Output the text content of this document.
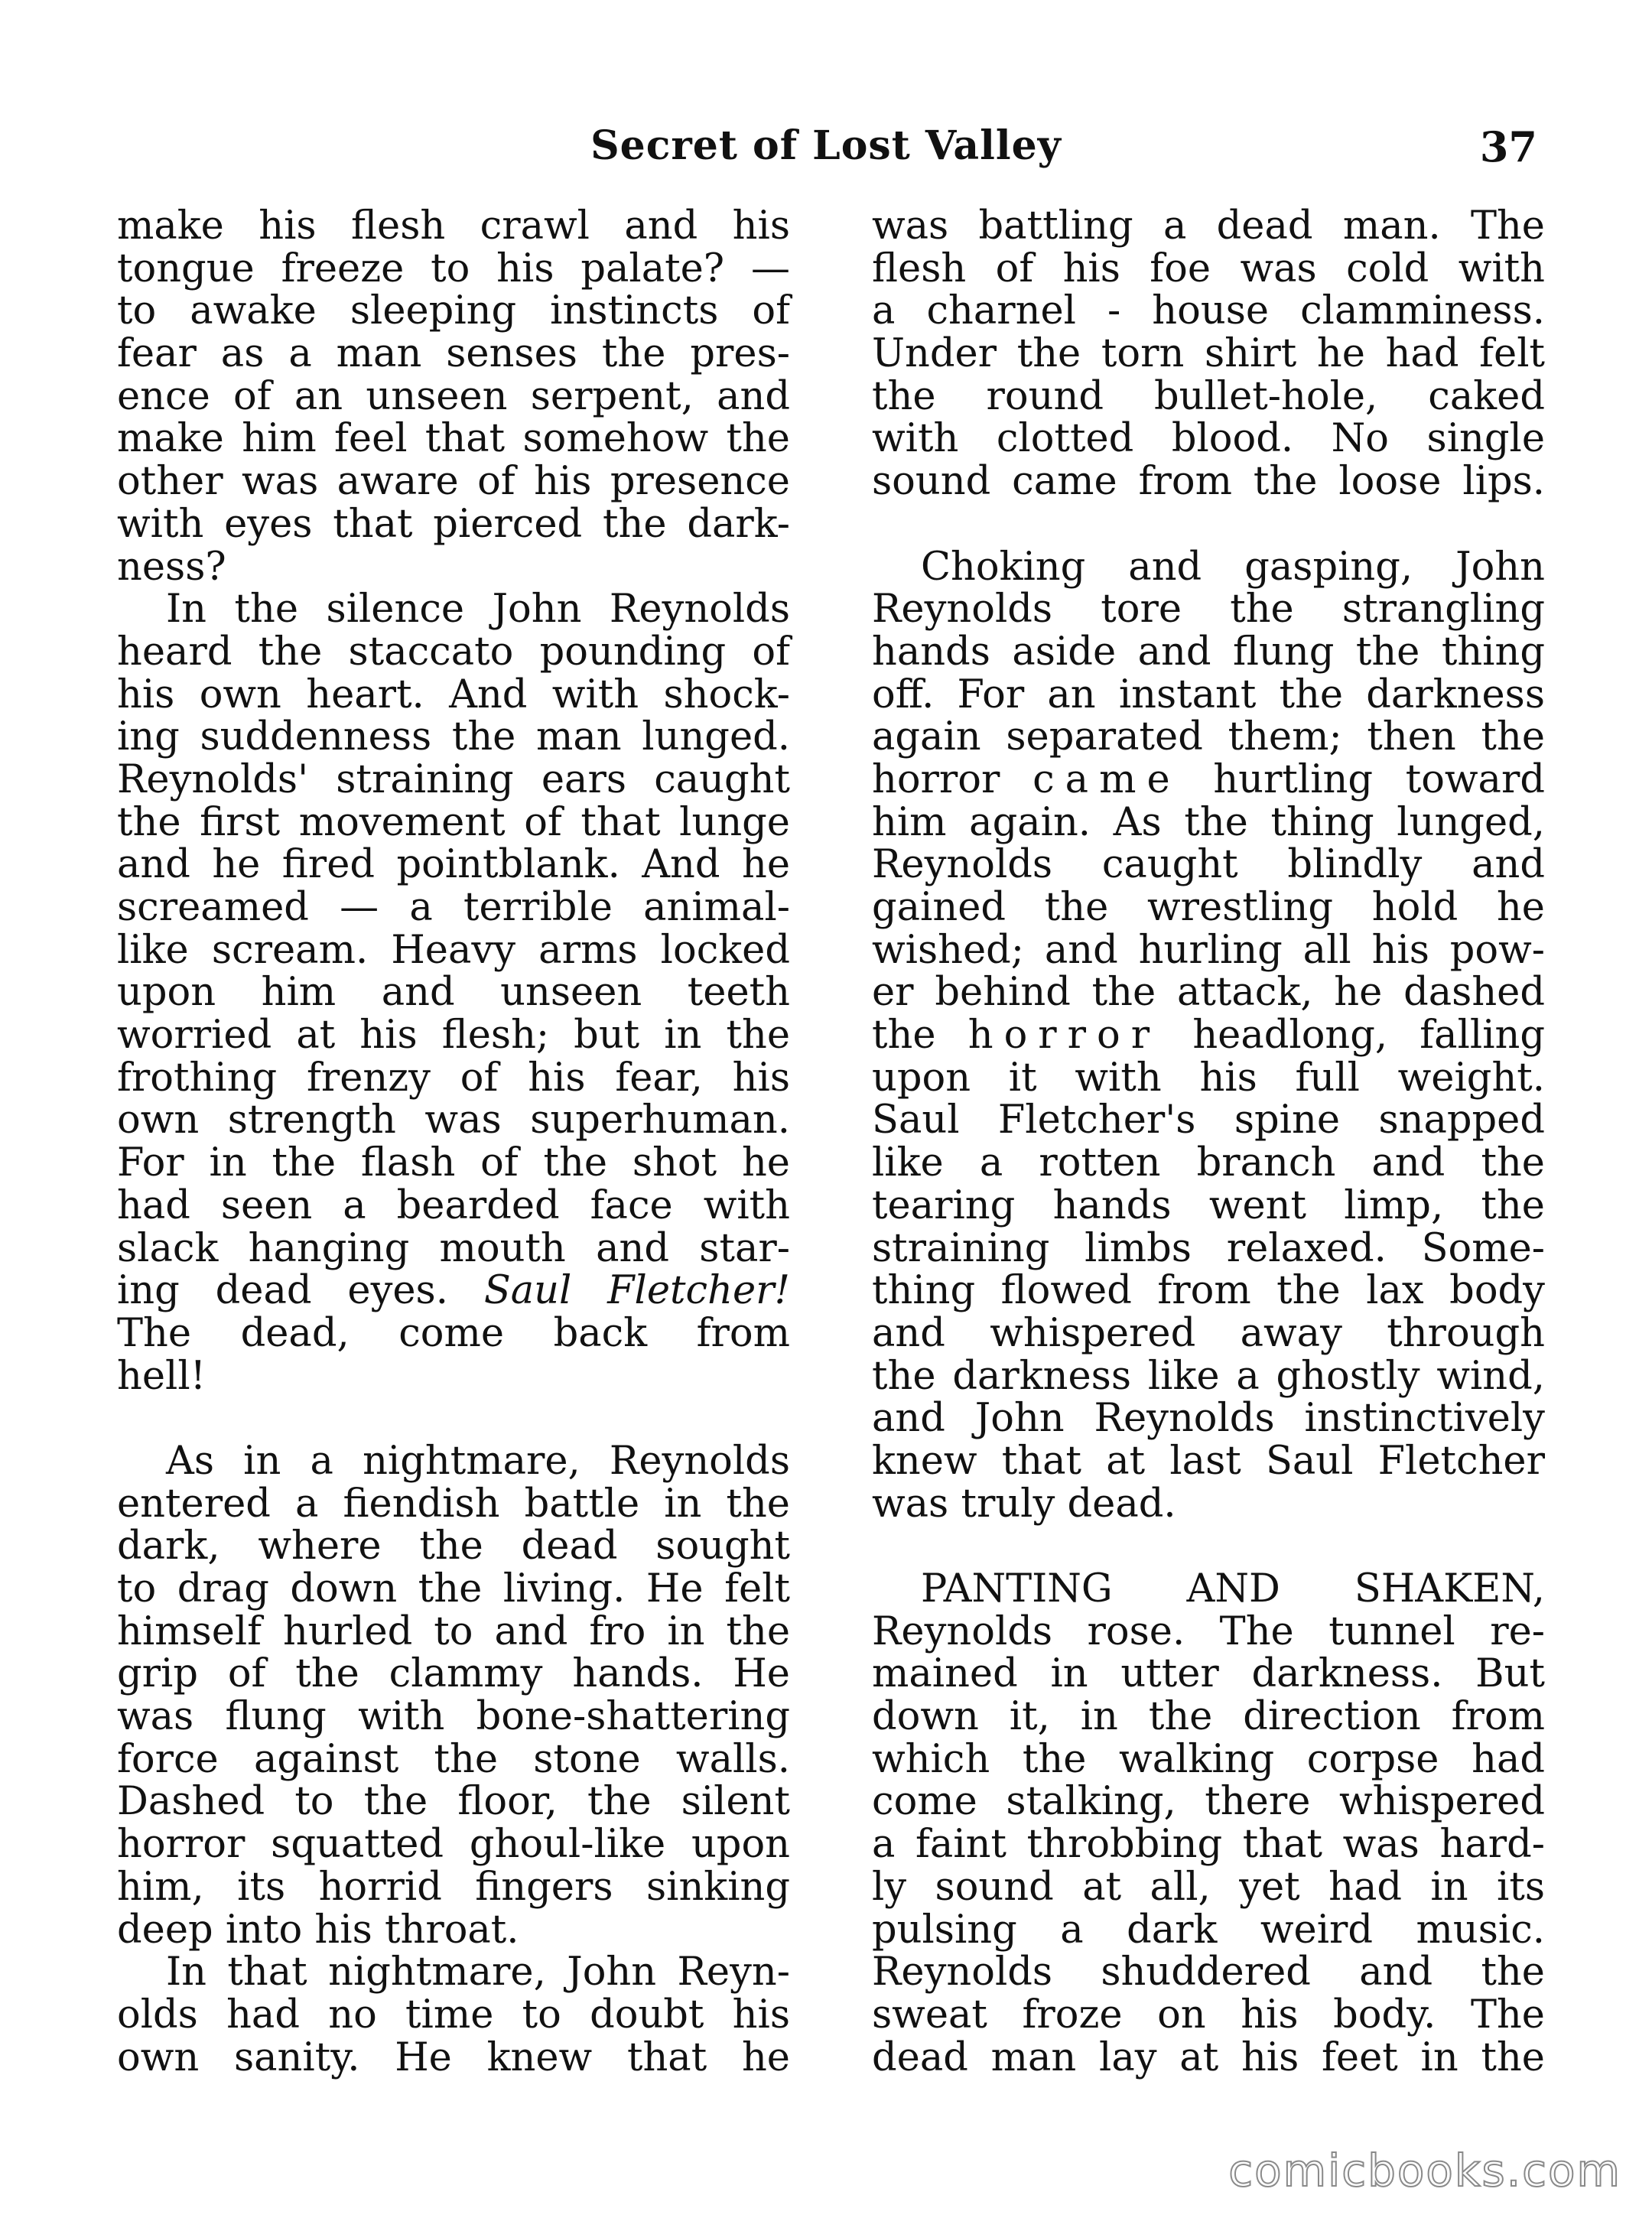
Secret of Lost Valley	37
make his flesh crawl and his
tongue freeze to his palate? —
to awake sleeping instincts of
fear as a man senses the pres-
ence of an unseen serpent, and
make him feel that somehow the
other was aware of his presence
with eyes that pierced the dark-
ness?
In the silence John Reynolds
heard the staccato pounding of
his own heart. And with shock-
ing suddenness the man lunged.
Reynolds' straining ears caught
the first movement of that lunge
and he fired pointblank. And he
screamed — a terrible animal-
like scream. Heavy arms locked
upon him and unseen teeth
worried at his flesh; but in the
frothing frenzy of his fear, his
own strength was superhuman.
For in the flash of the shot he
had seen a bearded face with
slack hanging mouth and star-
ing dead eyes. Saul Fletcher!
The dead, come back from
hell!
As in a nightmare, Reynolds
entered a fiendish battle in the
dark, where the dead sought
to drag down the living. He felt
himself hurled to and fro in the
grip of the clammy hands. He
was flung with bone-shattering
force against the stone walls.
Dashed to the floor, the silent
horror squatted ghoul-like upon
him, its horrid fingers sinking
deep into his throat.
In that nightmare, John Reyn-
olds had no time to doubt his
own sanity. He knew that he
was battling a dead man. The
flesh of his foe was cold with
a charnel - house clamminess.
Under the torn shirt he had felt
the round bullet-hole, caked
with clotted blood. No single
sound came from the loose lips.
Choking and gasping, John
Reynolds tore the strangling
hands aside and flung the thing
off. For an instant the darkness
again separated them; then the
horror came hurtling toward
him again. As the thing lunged,
Reynolds caught blindly and
gained the wrestling hold he
wished; and hurling all his pow-
er behind the attack, he dashed
the horror headlong, falling
upon it with his full weight.
Saul Fletcher's spine snapped
like a rotten branch and the
tearing hands went limp, the
straining limbs relaxed. Some-
thing flowed from the lax body
and whispered away through
the darkness like a ghostly wind,
and John Reynolds instinctively
knew that at last Saul Fletcher
was truly dead.
PANTING AND SHAKEN,
Reynolds rose. The tunnel re-
mained in utter darkness. But
down it, in the direction from
which the walking corpse had
come stalking, there whispered
a faint throbbing that was hard-
ly sound at all, yet had in its
pulsing a dark weird music.
Reynolds shuddered and the
sweat froze on his body. The
dead man lay at his feet in the
comicbooks.com
